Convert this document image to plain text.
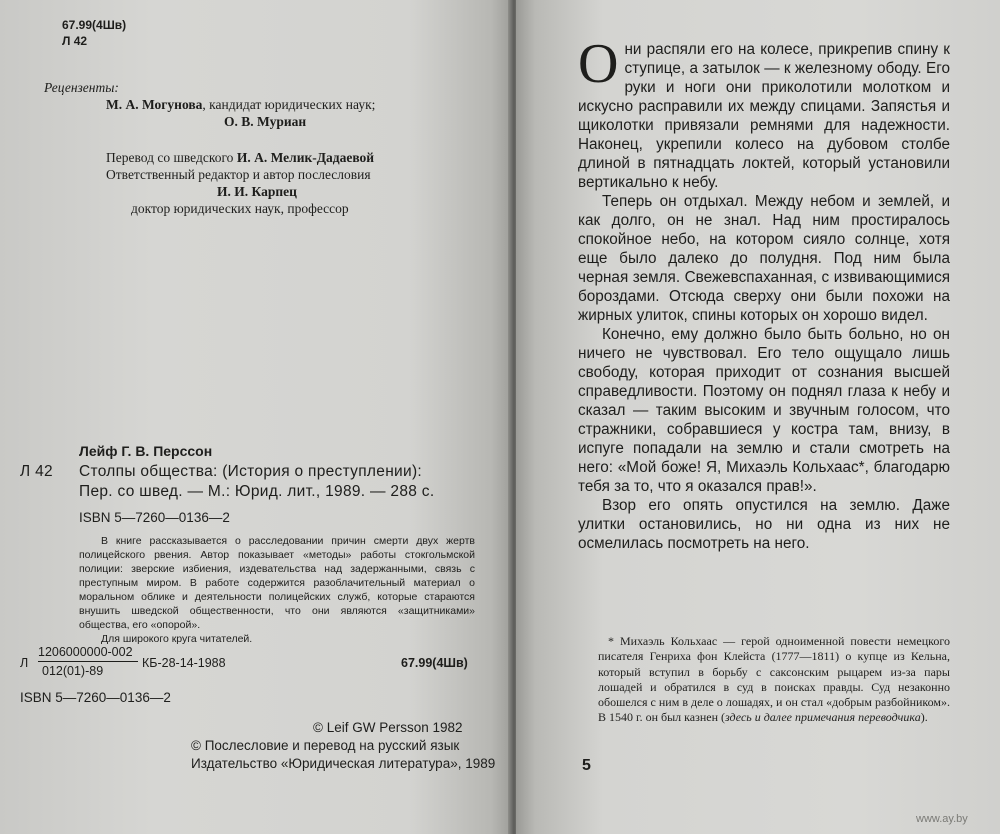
67.99(4Шв)
Л 42
Рецензенты:
М. А. Могунова, кандидат юридических наук;
О. В. Муриан
Перевод со шведского И. А. Мелик-Дадаевой
Ответственный редактор и автор послесловия
И. И. Карпец
доктор юридических наук, профессор
Лейф Г. В. Перссон
Л 42 Столпы общества: (История о преступлении):
Пер. со швед. — М.: Юрид. лит., 1989. — 288 с.
ISBN 5—7260—0136—2

В книге рассказывается о расследовании причин смерти двух жертв полицейского рвения. Автор показывает «методы» работы стокгольмской полиции: зверские избиения, издевательства над задержанными, связь с преступным миром. В работе содержится разоблачительный материал о моральном облике и деятельности полицейских служб, которые стараются внушить шведской общественности, что они являются «защитниками» общества, его «опорой».

Для широкого круга читателей.

Л
1206000000-002
012(01)-89
КБ-28-14-1988	67.99(4Шв)
ISBN 5—7260—0136—2
© Leif GW Persson 1982
© Послесловие и перевод на русский язык
Издательство «Юридическая литература», 1989

Они распяли его на колесе, прикрепив спину к ступице, а затылок — к железному ободу. Его руки и ноги они приколотили молотком и искусно расправили их между спицами. Запястья и щиколотки привязали ремнями для надежности. Наконец, укрепили колесо на дубовом столбе длиной в пятнадцать локтей, который установили вертикально к небу.

Теперь он отдыхал. Между небом и землей, и как долго, он не знал. Над ним простиралось спокойное небо, на котором сияло солнце, хотя еще было далеко до полудня. Под ним была черная земля. Свежевспаханная, с извивающимися бороздами. Отсюда сверху они были похожи на жирных улиток, спины которых он хорошо видел.

Конечно, ему должно было быть больно, но он ничего не чувствовал. Его тело ощущало лишь свободу, которая приходит от сознания высшей справедливости. Поэтому он поднял глаза к небу и сказал — таким высоким и звучным голосом, что стражники, собравшиеся у костра там, внизу, в испуге попадали на землю и стали смотреть на него: «Мой боже! Я, Михаэль Кольхаас*, благодарю тебя за то, что я оказался прав!».

Взор его опять опустился на землю. Даже улитки остановились, но ни одна из них не осмелилась посмотреть на него.

* Михаэль Кольхаас — герой одноименной повести немецкого писателя Генриха фон Клейста (1777—1811) о купце из Кельна, который вступил в борьбу с саксонским рыцарем из-за пары лошадей и обратился в суд в поисках правды. Суд незаконно обошелся с ним в деле о лошадях, и он стал «добрым разбойником». В 1540 г. он был казнен (здесь и далее примечания переводчика).

5
www.ay.by
